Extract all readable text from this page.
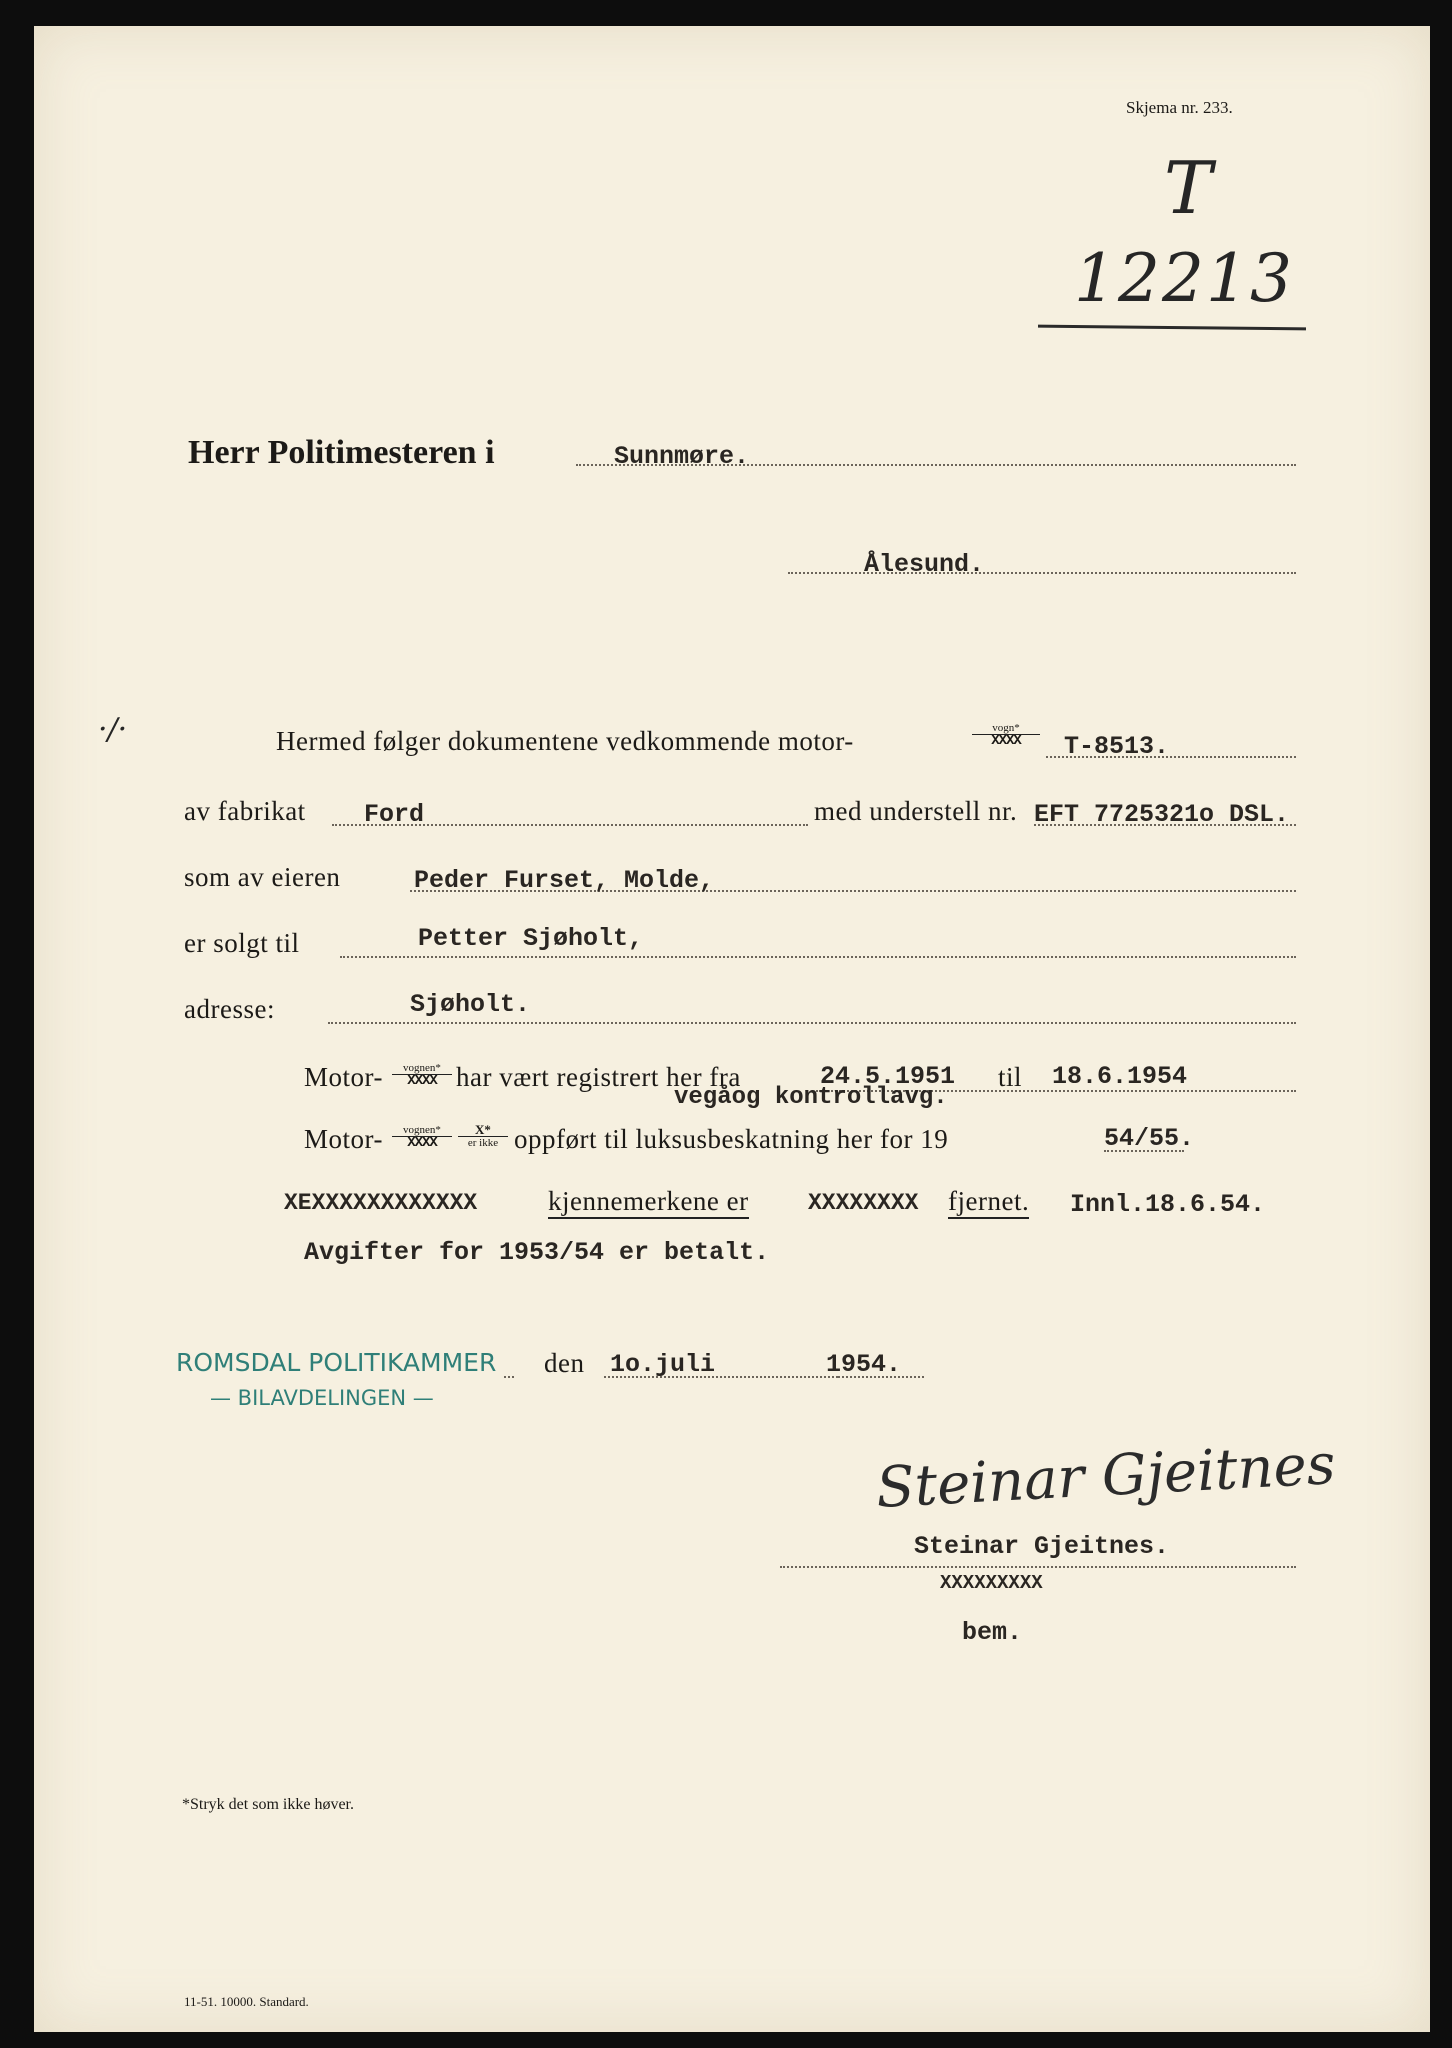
Skjema nr. 233.
T
12213
Herr Politimesteren i	Sunnmøre.
Ålesund.
·/·	Hermed følger dokumentene vedkommende motor-	vogn*
XXXX	T-8513.
av fabrikat Ford	med understell nr. EFT 7725321o DSL.
som av eieren	Peder Furset, Molde,
er solgt til	Petter Sjøholt,
adresse:	Sjøholt.
Motor-	vognen*
XXXX har vært registrert her fra	24.5.1951 til 18.6.1954
vegåog kontrollavg.
Motor-	vognen*
XXXX
X*
er ikke oppført til luksusbeskatning her for 19	54/55.
XEXXXXXXXXXXXX	kjennemerkene er	XXXXXXXX fjernet. Innl.18.6.54.
Avgifter for 1953/54 er betalt.
ROMSDAL POLITIKAMMER
— BILAVDELINGEN —
den 1o.juli	1954.
Steinar Gjeitnes
Steinar Gjeitnes.
XXXXXXXXX
bem.
*Stryk det som ikke høver.
11-51. 10000. Standard.
